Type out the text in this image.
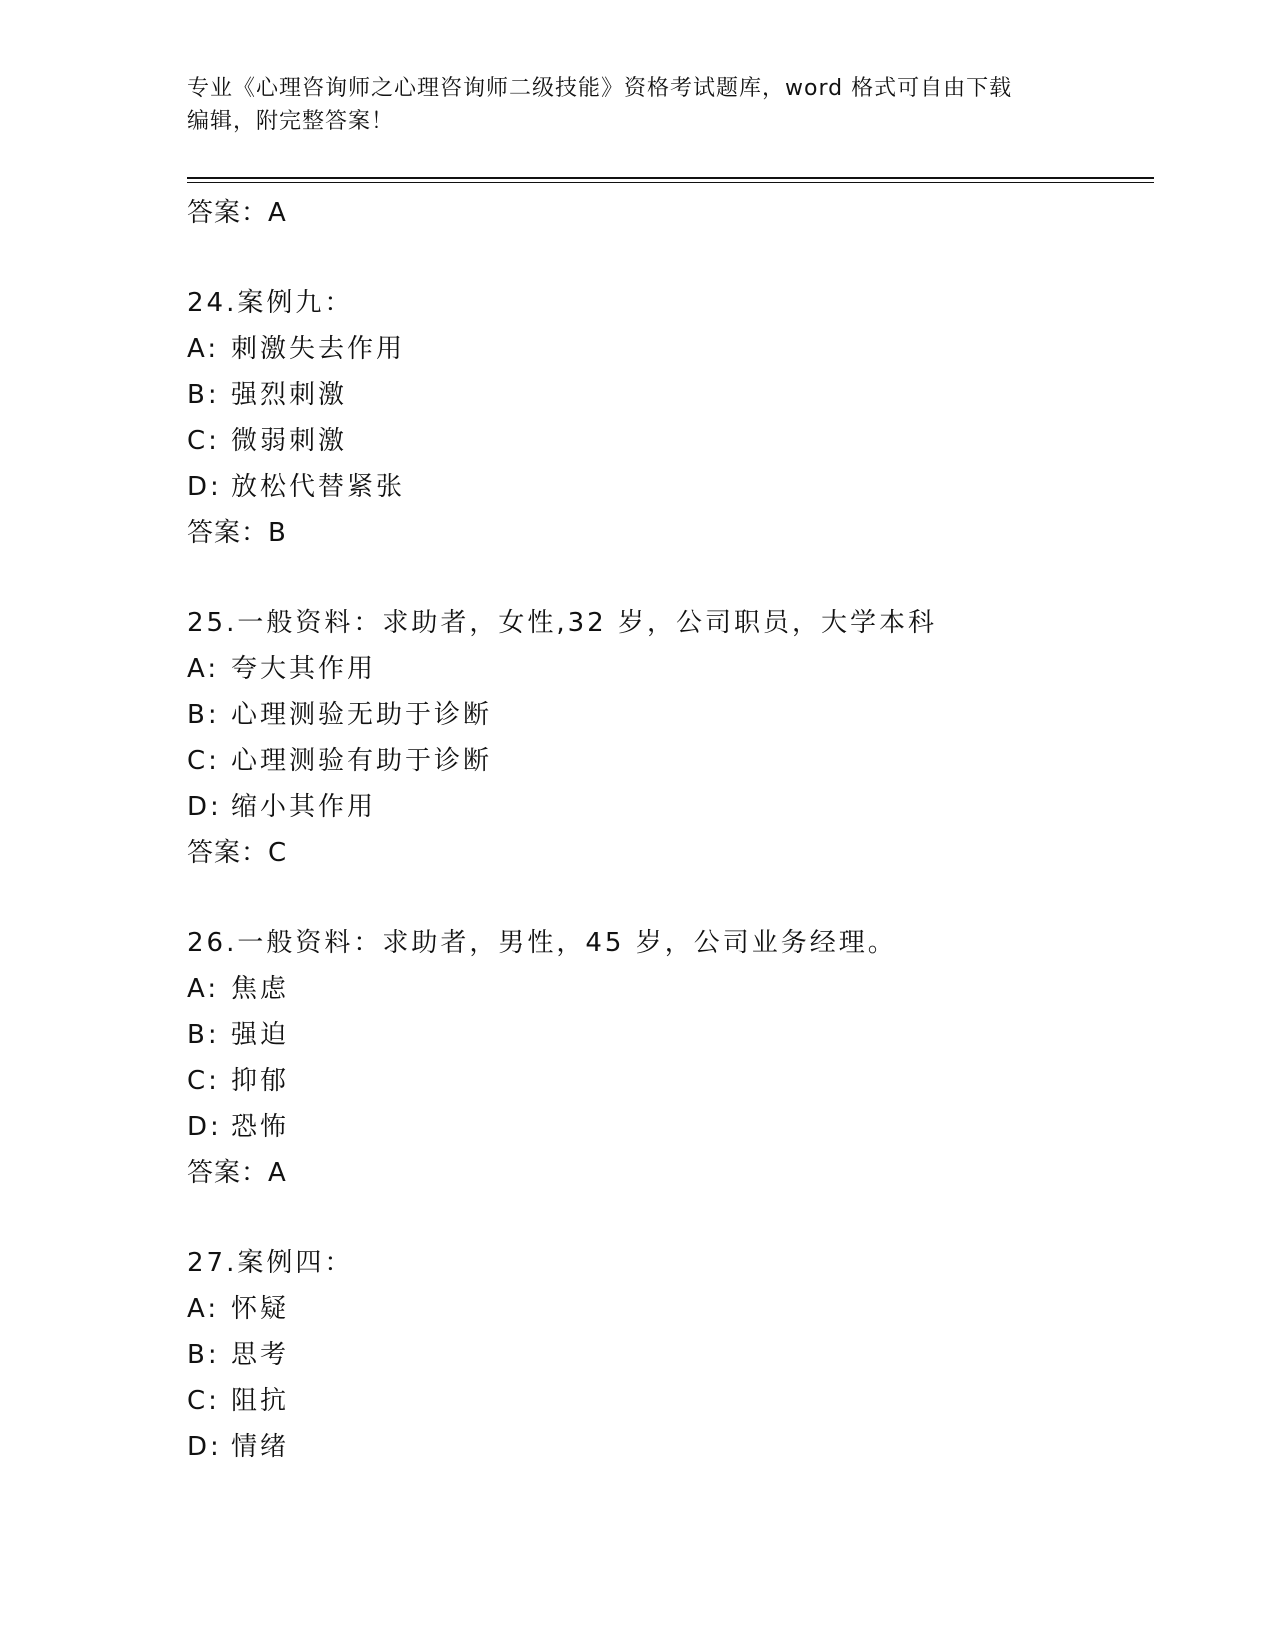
专业《心理咨询师之心理咨询师二级技能》资格考试题库，word 格式可自由下载
编辑，附完整答案！
答案：A
24.案例九：
A: 刺激失去作用
B: 强烈刺激
C: 微弱刺激
D: 放松代替紧张
答案：B
25.一般资料：求助者，女性,32 岁，公司职员，大学本科
A: 夸大其作用
B: 心理测验无助于诊断
C: 心理测验有助于诊断
D: 缩小其作用
答案：C
26.一般资料：求助者，男性，45 岁，公司业务经理。
A: 焦虑
B: 强迫
C: 抑郁
D: 恐怖
答案：A
27.案例四：
A: 怀疑
B: 思考
C: 阻抗
D: 情绪
